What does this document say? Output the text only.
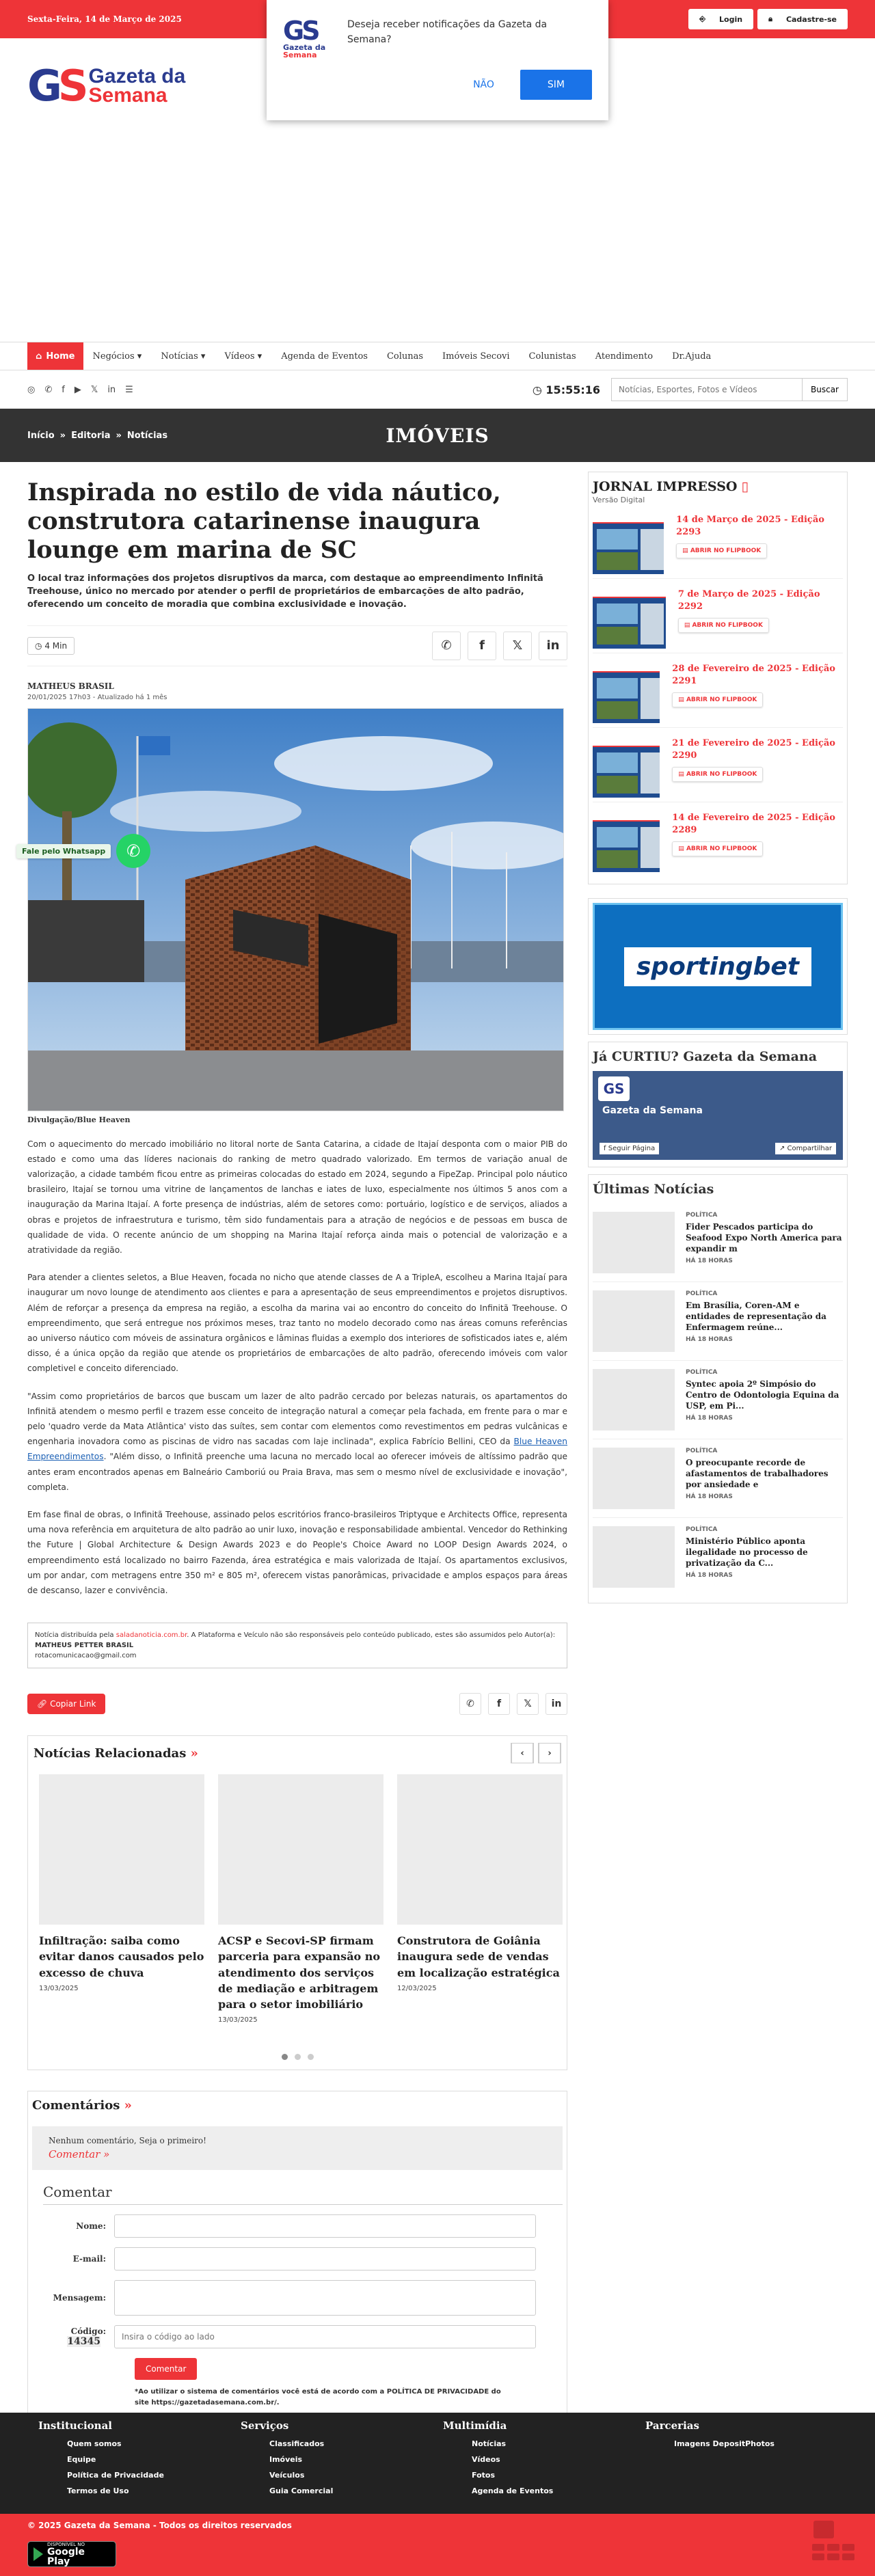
Sexta-Feira, 14 de Março de 2025	⎆	Login	🔒︎	Cadastre-se
GS
Gazeta da
Semana
Deseja receber notificações da Gazeta da Semana?
NÃO	SIM
GS Gazeta da
Semana
⌂ Home	Negócios ▾	Notícias ▾	Vídeos ▾	Agenda de Eventos	Colunas	Imóveis Secovi	Colunistas	Atendimento	Dr.Ajuda
◎ ✆ f ▶ 𝕏 in ☰	◷ 15:55:16
Notícias, Esportes, Fotos e Vídeos	Buscar
Início » Editoria » Notícias	IMÓVEIS
Fale pelo Whatsapp	✆
Inspirada no estilo de vida náutico, construtora catarinense inaugura lounge em marina de SC

O local traz informações dos projetos disruptivos da marca, com destaque ao empreendimento Infinitã Treehouse, único no mercado por atender o perfil de proprietários de embarcações de alto padrão, oferecendo um conceito de moradia que combina exclusividade e inovação.

◷ 4 Min	✆ f 𝕏 in
MATHEUS BRASIL
20/01/2025 17h03 - Atualizado há 1 mês
Divulgação/Blue Heaven

Com o aquecimento do mercado imobiliário no litoral norte de Santa Catarina, a cidade de Itajaí desponta com o maior PIB do estado e como uma das líderes nacionais do ranking de metro quadrado valorizado. Em termos de variação anual de valorização, a cidade também ficou entre as primeiras colocadas do estado em 2024, segundo a FipeZap. Principal polo náutico brasileiro, Itajaí se tornou uma vitrine de lançamentos de lanchas e iates de luxo, especialmente nos últimos 5 anos com a inauguração da Marina Itajaí. A forte presença de indústrias, além de setores como: portuário, logístico e de serviços, aliados a obras e projetos de infraestrutura e turismo, têm sido fundamentais para a atração de negócios e de pessoas em busca de qualidade de vida. O recente anúncio de um shopping na Marina Itajaí reforça ainda mais o potencial de valorização e a atratividade da região.

Para atender a clientes seletos, a Blue Heaven, focada no nicho que atende classes de A a TripleA, escolheu a Marina Itajaí para inaugurar um novo lounge de atendimento aos clientes e para a apresentação de seus empreendimentos e projetos disruptivos. Além de reforçar a presença da empresa na região, a escolha da marina vai ao encontro do conceito do Infinitã Treehouse. O empreendimento, que será entregue nos próximos meses, traz tanto no modelo decorado como nas áreas comuns referências ao universo náutico com móveis de assinatura orgânicos e lâminas fluidas a exemplo dos interiores de sofisticados iates e, além disso, é a única opção da região que atende os proprietários de embarcações de alto padrão, oferecendo imóveis com valor completivel e conceito diferenciado.

"Assim como proprietários de barcos que buscam um lazer de alto padrão cercado por belezas naturais, os apartamentos do Infinitã atendem o mesmo perfil e trazem esse conceito de integração natural a começar pela fachada, em frente para o mar e pelo 'quadro verde da Mata Atlântica' visto das suítes, sem contar com elementos como revestimentos em pedras vulcânicas e engenharia inovadora como as piscinas de vidro nas sacadas com laje inclinada", explica Fabrício Bellini, CEO da Blue Heaven Empreendimentos. "Além disso, o Infinitã preenche uma lacuna no mercado local ao oferecer imóveis de altíssimo padrão que antes eram encontrados apenas em Balneário Camboriú ou Praia Brava, mas sem o mesmo nível de exclusividade e inovação", completa.

Em fase final de obras, o Infinitã Treehouse, assinado pelos escritórios franco-brasileiros Triptyque e Architects Office, representa uma nova referência em arquitetura de alto padrão ao unir luxo, inovação e responsabilidade ambiental. Vencedor do Rethinking the Future | Global Architecture & Design Awards 2023 e do People's Choice Award no LOOP Design Awards 2024, o empreendimento está localizado no bairro Fazenda, área estratégica e mais valorizada de Itajaí. Os apartamentos exclusivos, um por andar, com metragens entre 350 m² e 805 m², oferecem vistas panorâmicas, privacidade e amplos espaços para áreas de descanso, lazer e convivência.

Notícia distribuída pela saladanoticia.com.br. A Plataforma e Veículo não são responsáveis pelo conteúdo publicado, estes são assumidos pelo Autor(a):
MATHEUS PETTER BRASIL
rotacomunicacao@gmail.com
🔗︎ Copiar Link	✆ f 𝕏 in
Notícias Relacionadas »	‹	›
Infiltração: saiba como evitar danos causados pelo excesso de chuva
13/03/2025
ACSP e Secovi-SP firmam parceria para expansão no atendimento dos serviços de mediação e arbitragem para o setor imobiliário
13/03/2025
Construtora de Goiânia inaugura sede de vendas em localização estratégica
12/03/2025
Comentários »
Nenhum comentário, Seja o primeiro!
Comentar »
Comentar
Nome:
E-mail:
Mensagem:
Código: 14345
Insira o código ao lado
Comentar
*Ao utilizar o sistema de comentários você está de acordo com a POLÍTICA DE PRIVACIDADE do site https://gazetadasemana.com.br/.
JORNAL IMPRESSO ▯
Versão Digital
14 de Março de 2025 - Edição 2293
▤ ABRIR NO FLIPBOOK
7 de Março de 2025 - Edição 2292
▤ ABRIR NO FLIPBOOK
28 de Fevereiro de 2025 - Edição 2291
▤ ABRIR NO FLIPBOOK
21 de Fevereiro de 2025 - Edição 2290
▤ ABRIR NO FLIPBOOK
14 de Fevereiro de 2025 - Edição 2289
▤ ABRIR NO FLIPBOOK
sportingbet
Já CURTIU? Gazeta da Semana
GS
Gazeta da Semana
f Seguir Página	↗ Compartilhar
Últimas Notícias
POLÍTICA
Fider Pescados participa do Seafood Expo North America para expandir m
HÁ 18 HORAS
POLÍTICA
Em Brasília, Coren-AM e entidades de representação da Enfermagem reúne...
HÁ 18 HORAS
POLÍTICA
Syntec apoia 2º Simpósio do Centro de Odontologia Equina da USP, em Pi...
HÁ 18 HORAS
POLÍTICA
O preocupante recorde de afastamentos de trabalhadores por ansiedade e
HÁ 18 HORAS
POLÍTICA
Ministério Público aponta ilegalidade no processo de privatização da C...
HÁ 18 HORAS
Institucional
Quem somos
Equipe
Política de Privacidade
Termos de Uso
Serviços
Classificados
Imóveis
Veículos
Guia Comercial
Multimídia
Notícias
Vídeos
Fotos
Agenda de Eventos
Parcerias
Imagens DepositPhotos
© 2025 Gazeta da Semana - Todos os direitos reservados
DISPONÍVEL NO
Google Play
